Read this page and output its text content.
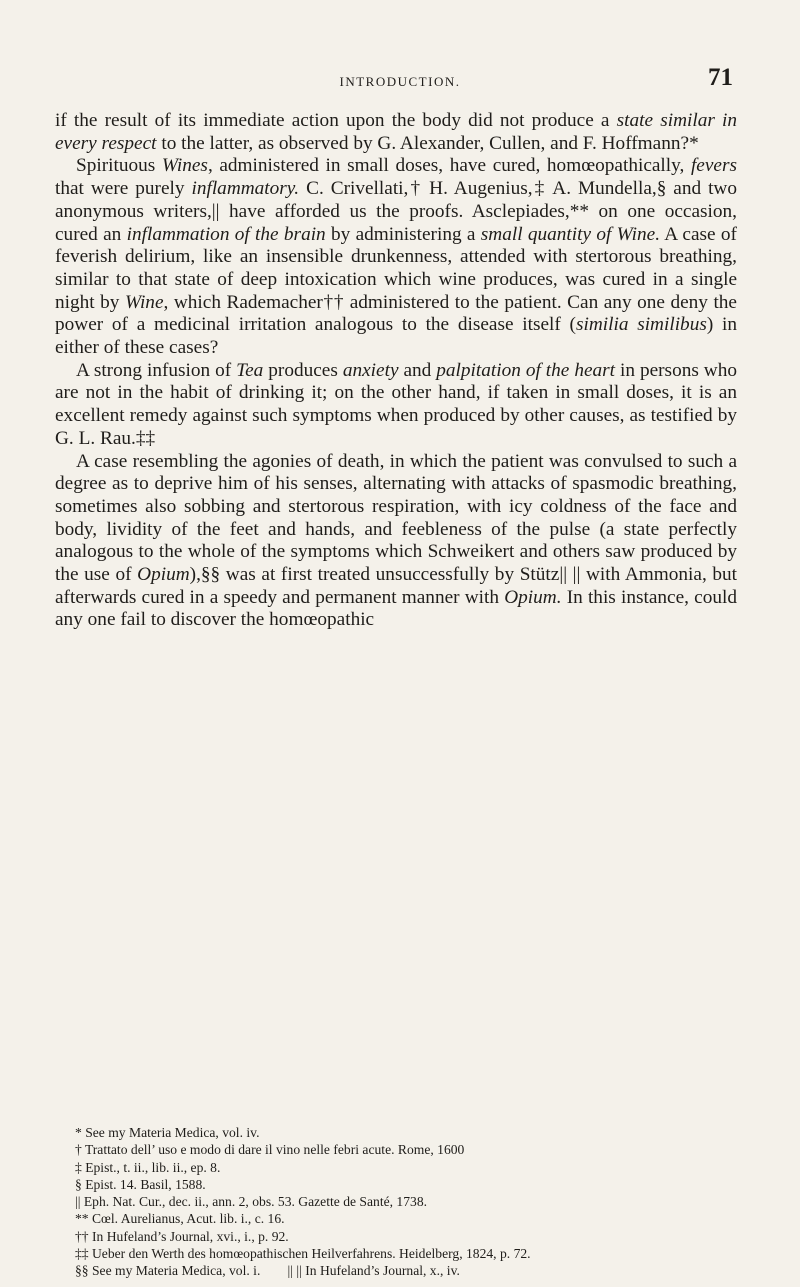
INTRODUCTION.	71

if the result of its immediate action upon the body did not produce a state similar in every respect to the latter, as observed by G. Alexander, Cullen, and F. Hoffmann?*

Spirituous Wines, administered in small doses, have cured, homœopathically, fevers that were purely inflammatory. C. Crivellati,† H. Augenius,‡ A. Mundella,§ and two anonymous writers,|| have afforded us the proofs. Asclepiades,** on one occasion, cured an inflammation of the brain by administering a small quantity of Wine. A case of feverish delirium, like an insensible drunkenness, attended with stertorous breathing, similar to that state of deep intoxication which wine produces, was cured in a single night by Wine, which Rademacher†† administered to the patient. Can any one deny the power of a medicinal irritation analogous to the disease itself (similia similibus) in either of these cases?

A strong infusion of Tea produces anxiety and palpitation of the heart in persons who are not in the habit of drinking it; on the other hand, if taken in small doses, it is an excellent remedy against such symptoms when produced by other causes, as testified by G. L. Rau.‡‡

A case resembling the agonies of death, in which the patient was convulsed to such a degree as to deprive him of his senses, alternating with attacks of spasmodic breathing, sometimes also sobbing and stertorous respiration, with icy coldness of the face and body, lividity of the feet and hands, and feebleness of the pulse (a state perfectly analogous to the whole of the symptoms which Schweikert and others saw produced by the use of Opium),§§ was at first treated unsuccessfully by Stütz|| || with Ammonia, but afterwards cured in a speedy and permanent manner with Opium. In this instance, could any one fail to discover the homœopathic

* See my Materia Medica, vol. iv.

† Trattato dell’ uso e modo di dare il vino nelle febri acute. Rome, 1600

‡ Epist., t. ii., lib. ii., ep. 8.

§ Epist. 14. Basil, 1588.

|| Eph. Nat. Cur., dec. ii., ann. 2, obs. 53. Gazette de Santé, 1738.

** Cœl. Aurelianus, Acut. lib. i., c. 16.

†† In Hufeland’s Journal, xvi., i., p. 92.

‡‡ Ueber den Werth des homœopathischen Heilverfahrens. Heidelberg, 1824, p. 72.

§§ See my Materia Medica, vol. i.        || || In Hufeland’s Journal, x., iv.
